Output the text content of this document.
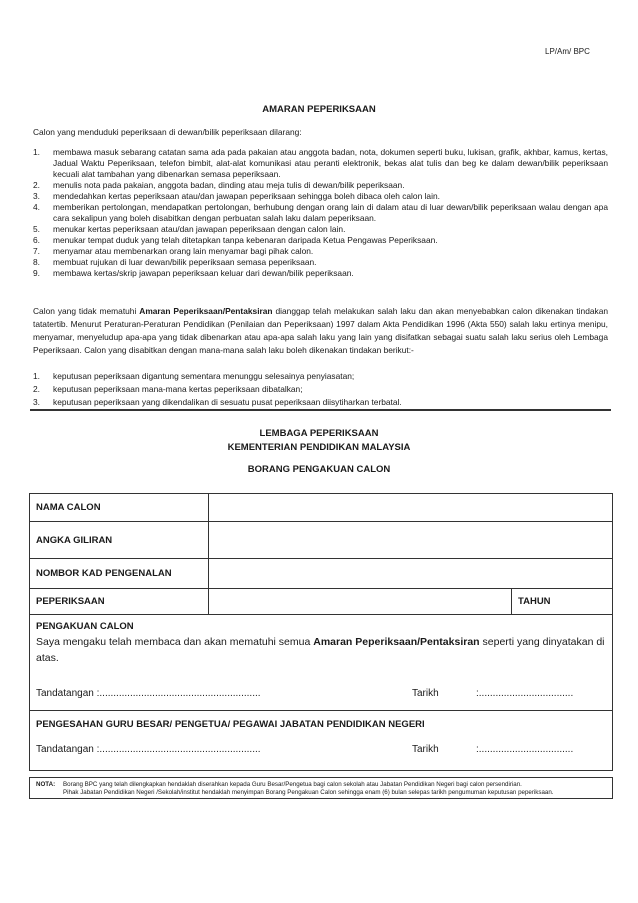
LP/Am/ BPC
AMARAN PEPERIKSAAN
Calon yang menduduki peperiksaan di dewan/bilik peperiksaan dilarang:
1. membawa masuk sebarang catatan sama ada pada pakaian atau anggota badan, nota, dokumen seperti buku, lukisan, grafik, akhbar, kamus, kertas, Jadual Waktu Peperiksaan, telefon bimbit, alat-alat komunikasi atau peranti elektronik, bekas alat tulis dan beg ke dalam dewan/bilik peperiksaan kecuali alat tambahan yang dibenarkan semasa peperiksaan.
2. menulis nota pada pakaian, anggota badan, dinding atau meja tulis di dewan/bilik peperiksaan.
3. mendedahkan kertas peperiksaan atau/dan jawapan peperiksaan sehingga boleh dibaca oleh calon lain.
4. memberikan pertolongan, mendapatkan pertolongan, berhubung dengan orang lain di dalam atau di luar dewan/bilik peperiksaan walau dengan apa cara sekalipun yang boleh disabitkan dengan perbuatan salah laku dalam peperiksaan.
5. menukar kertas peperiksaan atau/dan jawapan peperiksaan dengan calon lain.
6. menukar tempat duduk yang telah ditetapkan tanpa kebenaran daripada Ketua Pengawas Peperiksaan.
7. menyamar atau membenarkan orang lain menyamar bagi pihak calon.
8. membuat rujukan di luar dewan/bilik peperiksaan semasa peperiksaan.
9. membawa kertas/skrip jawapan peperiksaan keluar dari dewan/bilik peperiksaan.
Calon yang tidak mematuhi Amaran Peperiksaan/Pentaksiran dianggap telah melakukan salah laku dan akan menyebabkan calon dikenakan tindakan tatatertib. Menurut Peraturan-Peraturan Pendidikan (Penilaian dan Peperiksaan) 1997 dalam Akta Pendidikan 1996 (Akta 550) salah laku ertinya menipu, menyamar, menyeludup apa-apa yang tidak dibenarkan atau apa-apa salah laku yang lain yang disifatkan sebagai suatu salah laku serius oleh Lembaga Peperiksaan. Calon yang disabitkan dengan mana-mana salah laku boleh dikenakan tindakan berikut:-
1. keputusan peperiksaan digantung sementara menunggu selesainya penyiasatan;
2. keputusan peperiksaan mana-mana kertas peperiksaan dibatalkan;
3. keputusan peperiksaan yang dikendalikan di sesuatu pusat peperiksaan diisytiharkan terbatal.
LEMBAGA PEPERIKSAAN
KEMENTERIAN PENDIDIKAN MALAYSIA
BORANG PENGAKUAN CALON
NAMA CALON		
ANGKA GILIRAN		
NOMBOR KAD PENGENALAN		
PEPERIKSAAN		TAHUN

PENGAKUAN CALON
Saya mengaku telah membaca dan akan mematuhi semua Amaran Peperiksaan/Pentaksiran seperti yang dinyatakan di atas.
Tandatangan :.......................................................... Tarikh :..................................		

PENGESAHAN GURU BESAR/ PENGETUA/ PEGAWAI JABATAN PENDIDIKAN NEGERI
Tandatangan :.......................................................... Tarikh :..................................		
NOTA: Borang BPC yang telah dilengkapkan hendaklah diserahkan kepada Guru Besar/Pengetua bagi calon sekolah atau Jabatan Pendidikan Negeri bagi calon persendirian.
Pihak Jabatan Pendidikan Negeri /Sekolah/institut hendaklah menyimpan Borang Pengakuan Calon sehingga enam (6) bulan selepas tarikh pengumuman keputusan peperiksaan.
